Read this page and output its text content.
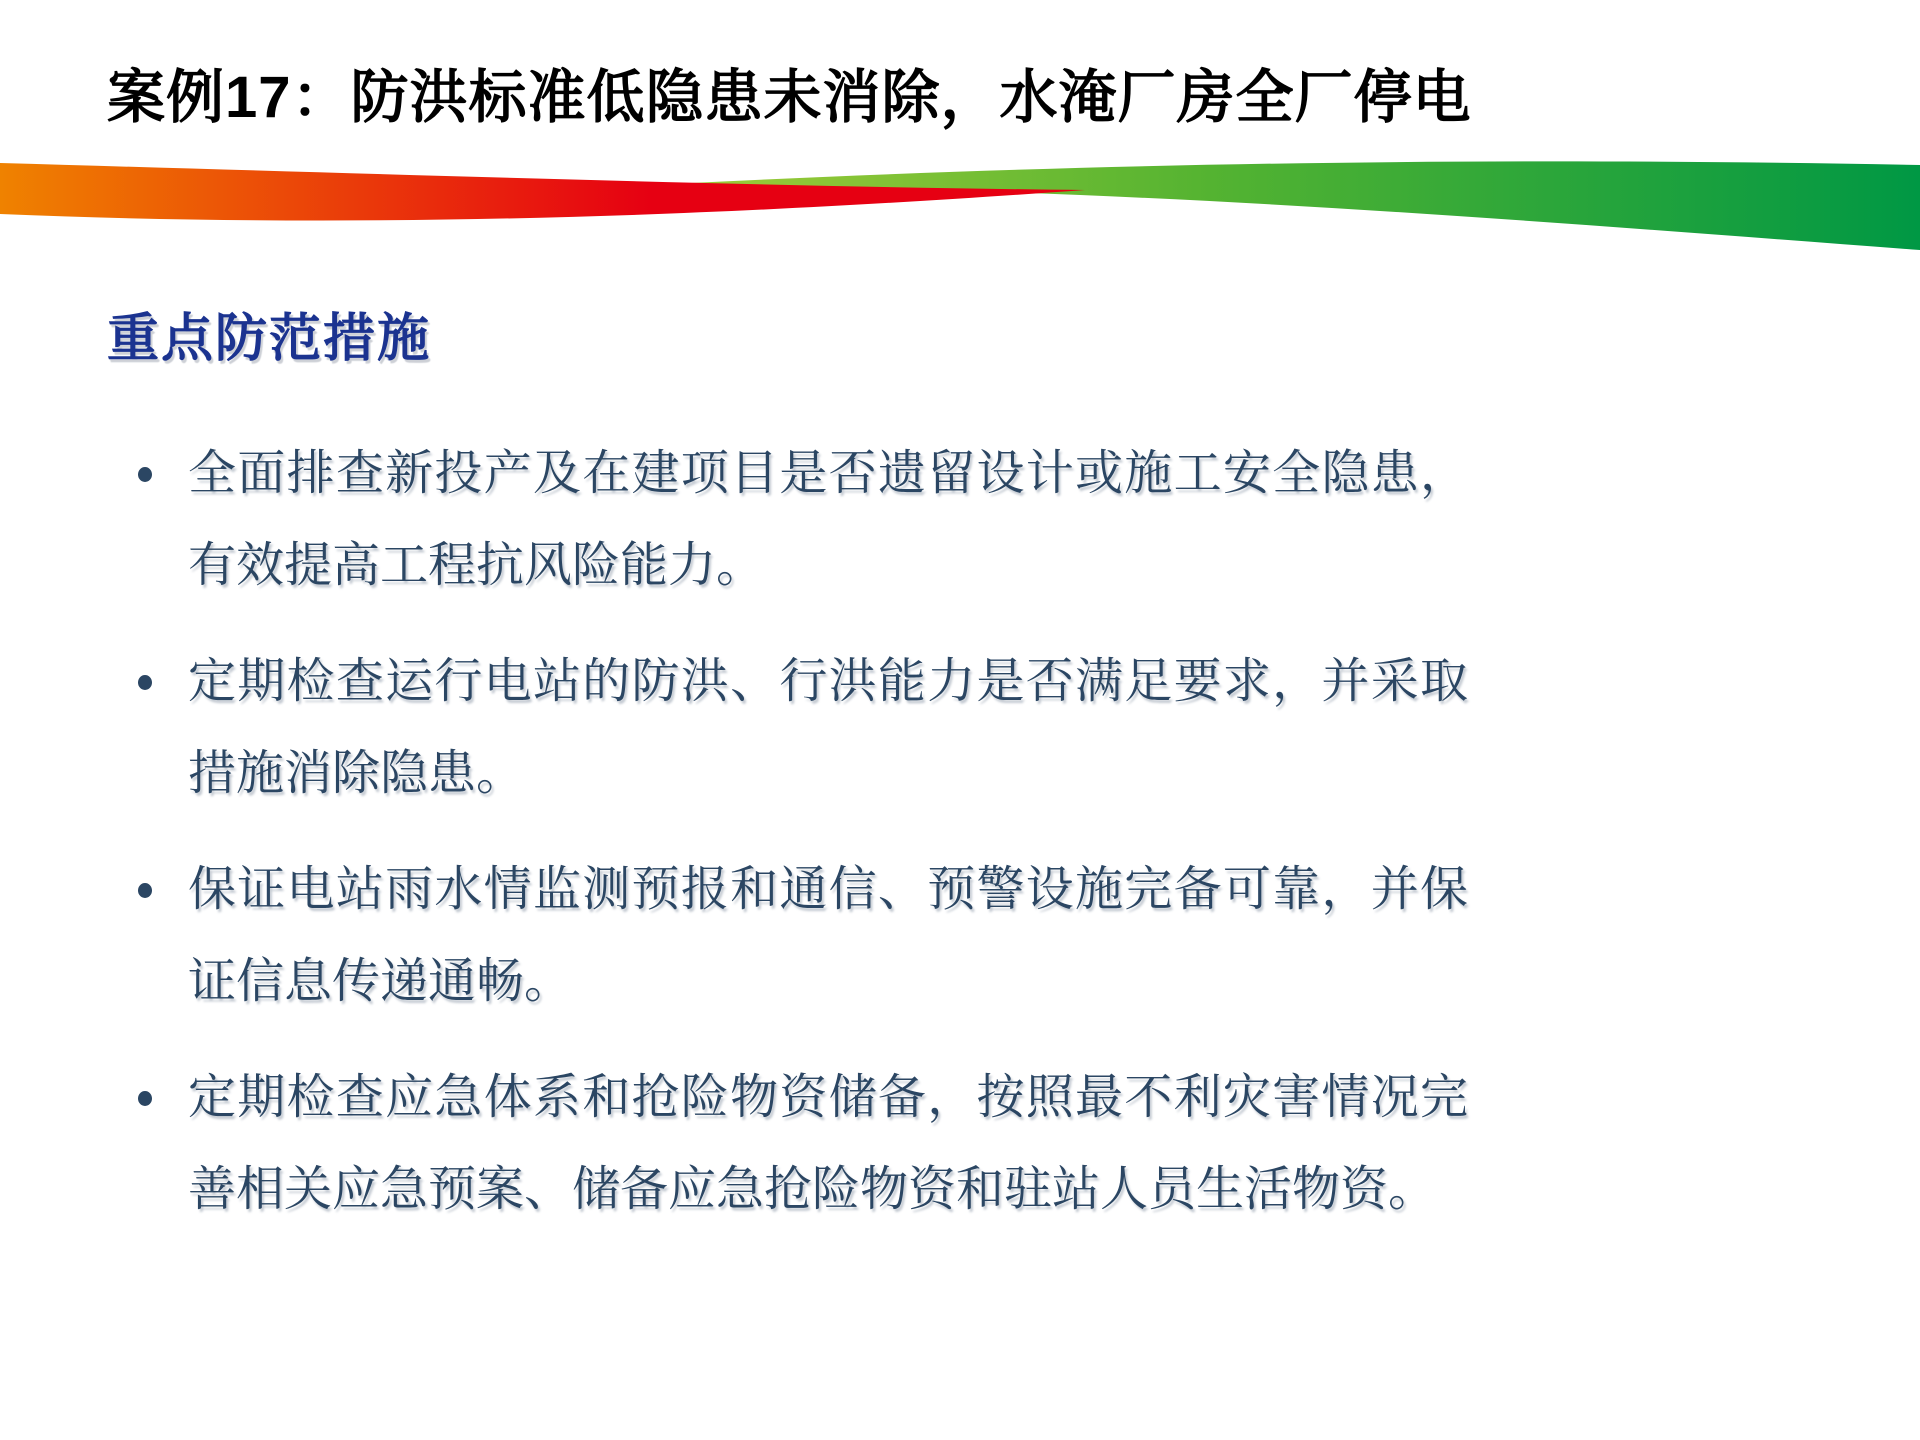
案例17：防洪标准低隐患未消除，水淹厂房全厂停电
重点防范措施
全面排查新投产及在建项目是否遗留设计或施工安全隐患，有效提高工程抗风险能力。
定期检查运行电站的防洪、行洪能力是否满足要求，并采取措施消除隐患。
保证电站雨水情监测预报和通信、预警设施完备可靠，并保证信息传递通畅。
定期检查应急体系和抢险物资储备，按照最不利灾害情况完善相关应急预案、储备应急抢险物资和驻站人员生活物资。
